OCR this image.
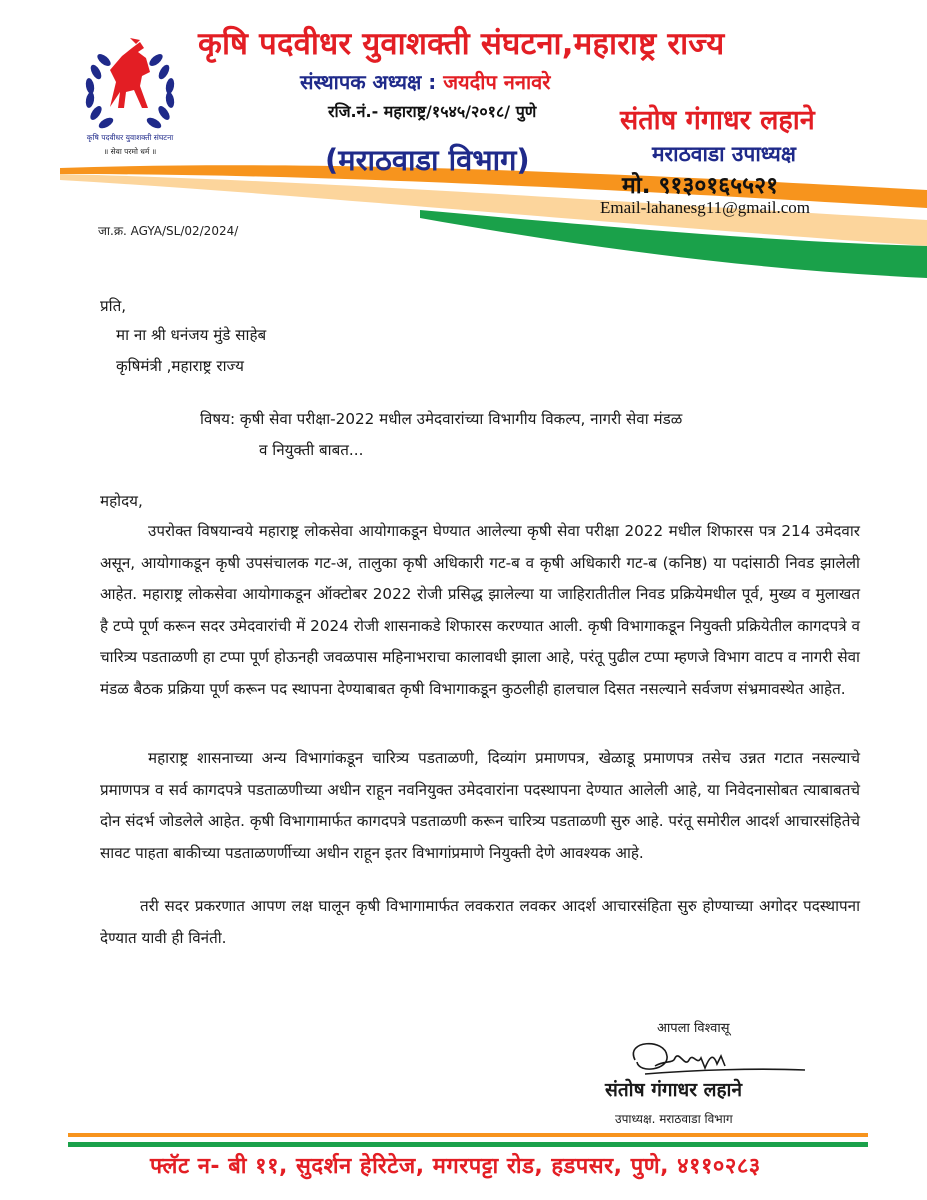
कृषि पदवीधर युवाशक्ती संघटना
॥ सेवा परमो धर्म ॥
कृषि पदवीधर युवाशक्ती संघटना,महाराष्ट्र राज्य
संस्थापक अध्यक्ष : जयदीप ननावरे
रजि.नं.- महाराष्ट्र/१५४५/२०१८/ पुणे
(मराठवाडा विभाग)
संतोष गंगाधर लहाने
मराठवाडा उपाध्यक्ष
मो. ९१३०१६५५२१
Email-lahanesg11@gmail.com
जा.क्र. AGYA/SL/02/2024/
प्रति,
मा ना श्री धनंजय मुंडे साहेब
कृषिमंत्री ,महाराष्ट्र राज्य
विषय: कृषी सेवा परीक्षा-2022 मधील उमेदवारांच्या विभागीय विकल्प, नागरी सेवा मंडळ
व नियुक्ती बाबत...
महोदय,

उपरोक्त विषयान्वये महाराष्ट्र लोकसेवा आयोगाकडून घेण्यात आलेल्या कृषी सेवा परीक्षा 2022 मधील शिफारस पत्र 214 उमेदवार असून, आयोगाकडून कृषी उपसंचालक गट-अ, तालुका कृषी अधिकारी गट-ब व कृषी अधिकारी गट-ब (कनिष्ठ) या पदांसाठी निवड झालेली आहेत. महाराष्ट्र लोकसेवा आयोगाकडून ऑक्टोबर 2022 रोजी प्रसिद्ध झालेल्या या जाहिरातीतील निवड प्रक्रियेमधील पूर्व, मुख्य व मुलाखत है टप्पे पूर्ण करून सदर उमेदवारांची में 2024 रोजी शासनाकडे शिफारस करण्यात आली. कृषी विभागाकडून नियुक्ती प्रक्रियेतील कागदपत्रे व चारित्र्य पडताळणी हा टप्पा पूर्ण होऊनही जवळपास महिनाभराचा कालावधी झाला आहे, परंतू पुढील टप्पा म्हणजे विभाग वाटप व नागरी सेवा मंडळ बैठक प्रक्रिया पूर्ण करून पद स्थापना देण्याबाबत कृषी विभागाकडून कुठलीही हालचाल दिसत नसल्याने सर्वजण संभ्रमावस्थेत आहेत.

महाराष्ट्र शासनाच्या अन्य विभागांकडून चारित्र्य पडताळणी, दिव्यांग प्रमाणपत्र, खेळाडू प्रमाणपत्र तसेच उन्नत गटात नसल्याचे प्रमाणपत्र व सर्व कागदपत्रे पडताळणीच्या अधीन राहून नवनियुक्त उमेदवारांना पदस्थापना देण्यात आलेली आहे, या निवेदनासोबत त्याबाबतचे दोन संदर्भ जोडलेले आहेत. कृषी विभागामार्फत कागदपत्रे पडताळणी करून चारित्र्य पडताळणी सुरु आहे. परंतू समोरील आदर्श आचारसंहितेचे सावट पाहता बाकीच्या पडताळणर्णीच्या अधीन राहून इतर विभागांप्रमाणे नियुक्ती देणे आवश्यक आहे.

तरी सदर प्रकरणात आपण लक्ष घालून कृषी विभागामार्फत लवकरात लवकर आदर्श आचारसंहिता सुरु होण्याच्या अगोदर पदस्थापना देण्यात यावी ही विनंती.

आपला विश्वासू
संतोष गंगाधर लहाने
उपाध्यक्ष. मराठवाडा विभाग
फ्लॅट न- बी ११, सुदर्शन हेरिटेज, मगरपट्टा रोड, हडपसर, पुणे, ४११०२८३
